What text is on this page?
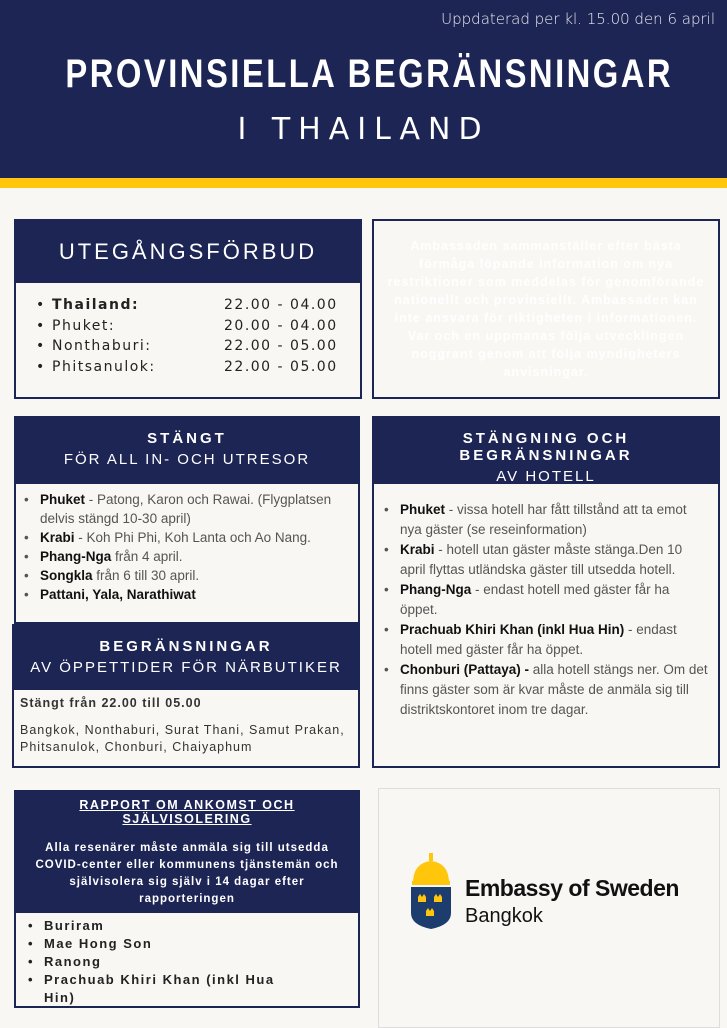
Uppdaterad per kl. 15.00 den 6 april
PROVINSIELLA BEGRÄNSNINGAR
I THAILAND
UTEGÅNGSFÖRBUD
• Thailand:	22.00 - 04.00
• Phuket:	20.00 - 04.00
• Nonthaburi:	22.00 - 05.00
• Phitsanulok:	22.00 - 05.00
Ambassaden sammanställer efter bästa förmåga löpande information om nya restriktioner som meddelas för genomförande nationellt och provinsiellt. Ambassaden kan inte ansvara för riktigheten i informationen. Var och en uppmanas följa utvecklingen noggrant genom att följa myndigheters anvisningar.
STÄNGT
FÖR ALL IN- OCH UTRESOR
• Phuket - Patong, Karon och Rawai. (Flygplatsen delvis stängd 10-30 april)
• Krabi - Koh Phi Phi, Koh Lanta och Ao Nang.
• Phang-Nga från 4 april.
• Songkla från 6 till 30 april.
• Pattani, Yala, Narathiwat
BEGRÄNSNINGAR
AV ÖPPETTIDER FÖR NÄRBUTIKER
Stängt från 22.00 till 05.00
Bangkok, Nonthaburi, Surat Thani, Samut Prakan, Phitsanulok, Chonburi, Chaiyaphum
STÄNGNING OCH BEGRÄNSNINGAR
AV HOTELL
• Phuket - vissa hotell har fått tillstånd att ta emot nya gäster (se reseinformation)
• Krabi - hotell utan gäster måste stänga.Den 10 april flyttas utländska gäster till utsedda hotell.
• Phang-Nga - endast hotell med gäster får ha öppet.
• Prachuab Khiri Khan (inkl Hua Hin) - endast hotell med gäster får ha öppet.
• Chonburi (Pattaya) - alla hotell stängs ner. Om det finns gäster som är kvar måste de anmäla sig till distriktskontoret inom tre dagar.
RAPPORT OM ANKOMST OCH SJÄLVISOLERING
Alla resenärer måste anmäla sig till utsedda COVID-center eller kommunens tjänstemän och självisolera sig själv i 14 dagar efter rapporteringen
• Buriram
• Mae Hong Son
• Ranong
• Prachuab Khiri Khan (inkl Hua Hin)
Embassy of Sweden
Bangkok
